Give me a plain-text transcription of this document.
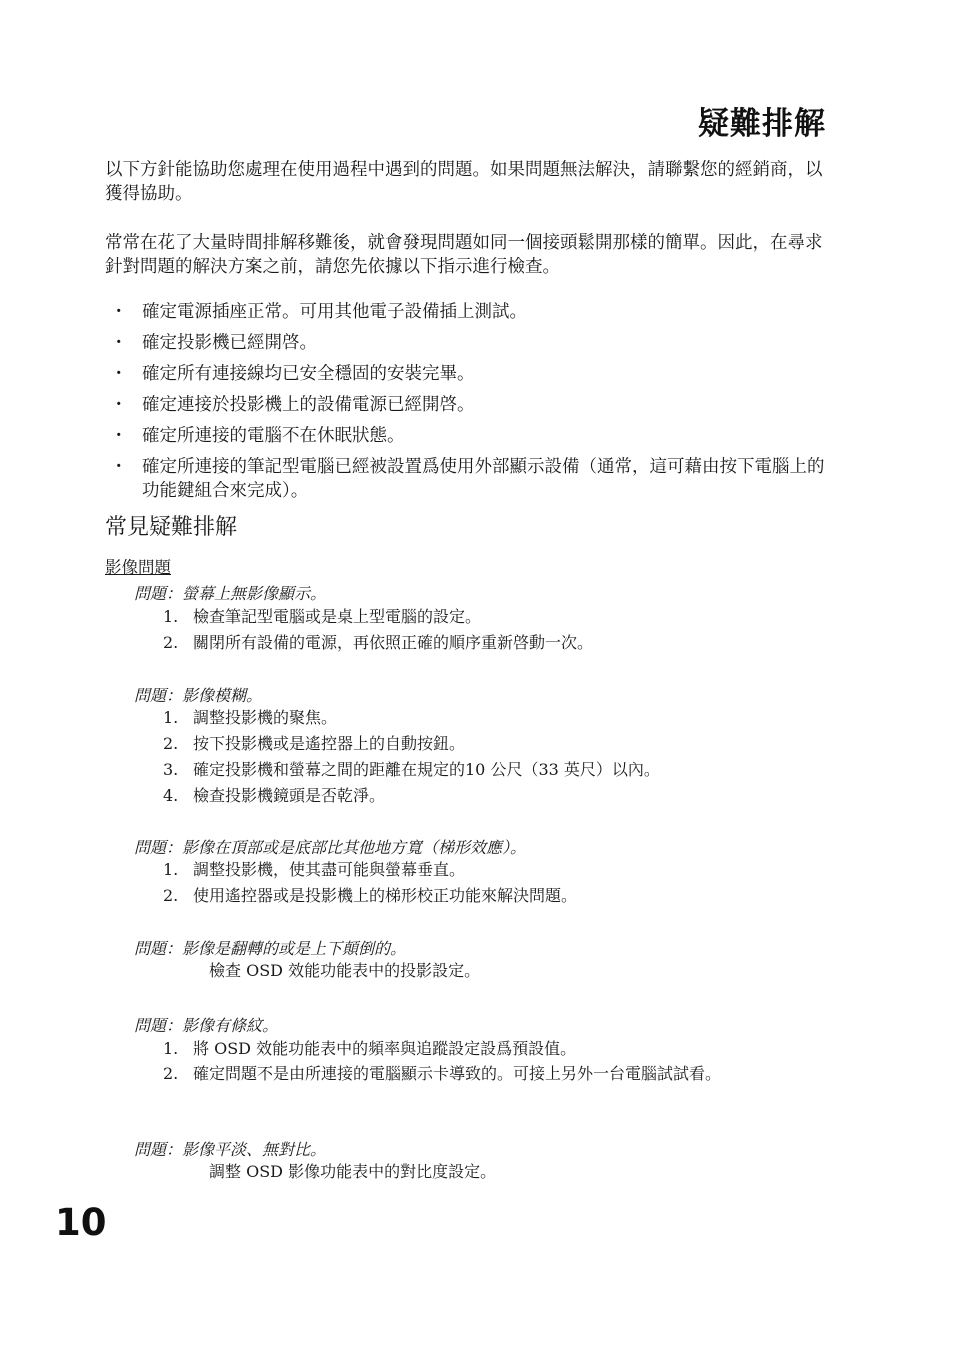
疑難排解

以下方針能協助您處理在使用過程中遇到的問題。如果問題無法解決，請聯繫您的經銷商，以獲得協助。

常常在花了大量時間排解移難後，就會發現問題如同一個接頭鬆開那樣的簡單。因此，在尋求針對問題的解決方案之前，請您先依據以下指示進行檢查。

・ 確定電源插座正常。可用其他電子設備插上測試。
・ 確定投影機已經開啓。
・ 確定所有連接線均已安全穩固的安裝完畢。
・ 確定連接於投影機上的設備電源已經開啓。
・ 確定所連接的電腦不在休眠狀態。
・ 確定所連接的筆記型電腦已經被設置爲使用外部顯示設備（通常，這可藉由按下電腦上的功能鍵組合來完成）。
常見疑難排解
影像問題
問題：螢幕上無影像顯示。
1. 檢查筆記型電腦或是桌上型電腦的設定。
2. 關閉所有設備的電源，再依照正確的順序重新啓動一次。
問題：影像模糊。
1. 調整投影機的聚焦。
2. 按下投影機或是遙控器上的自動按鈕。
3. 確定投影機和螢幕之間的距離在規定的10 公尺（33 英尺）以內。
4. 檢查投影機鏡頭是否乾淨。
問題：影像在頂部或是底部比其他地方寬（梯形效應）。
1. 調整投影機，使其盡可能與螢幕垂直。
2. 使用遙控器或是投影機上的梯形校正功能來解決問題。
問題：影像是翻轉的或是上下顛倒的。
檢查 OSD 效能功能表中的投影設定。
問題：影像有條紋。
1. 將 OSD 效能功能表中的頻率與追蹤設定設爲預設值。
2. 確定問題不是由所連接的電腦顯示卡導致的。可接上另外一台電腦試試看。
問題：影像平淡、無對比。
調整 OSD 影像功能表中的對比度設定。
10
